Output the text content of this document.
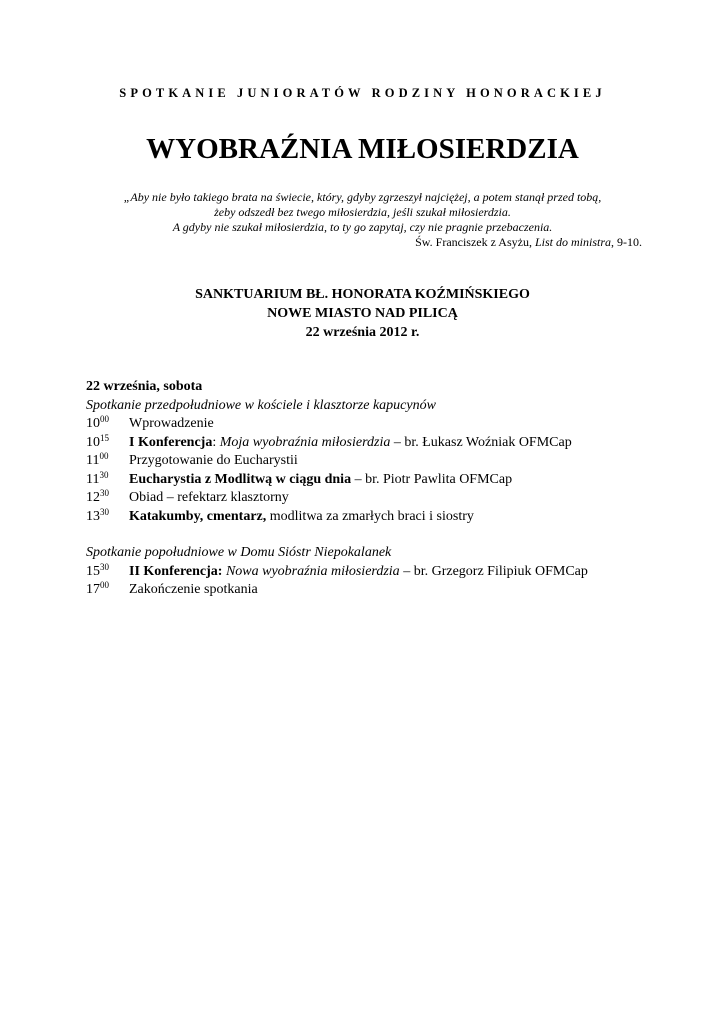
SPOTKANIE JUNIORATÓW RODZINY HONORACKIEJ
WYOBRAŹNIA MIŁOSIERDZIA
„Aby nie było takiego brata na świecie, który, gdyby zgrzeszył najciężej, a potem stanął przed tobą,
żeby odszedł bez twego miłosierdzia, jeśli szukał miłosierdzia.
A gdyby nie szukał miłosierdzia, to ty go zapytaj, czy nie pragnie przebaczenia.
Św. Franciszek z Asyżu, List do ministra, 9-10.
SANKTUARIUM BŁ. HONORATA KOŹMIŃSKIEGO
NOWE MIASTO NAD PILICĄ
22 września 2012 r.
22 września, sobota
Spotkanie przedpołudniowe w kościele i klasztorze kapucynów
$10^{00}$	Wprowadzenie
$10^{15}$	I Konferencja: Moja wyobraźnia miłosierdzia – br. Łukasz Woźniak OFMCap
$11^{00}$	Przygotowanie do Eucharystii
$11^{30}$	Eucharystia z Modlitwą w ciągu dnia – br. Piotr Pawlita OFMCap
$12^{30}$	Obiad – refektarz klasztorny
$13^{30}$	Katakumby, cmentarz, modlitwa za zmarłych braci i siostry
Spotkanie popołudniowe w Domu Sióstr Niepokalanek
$15^{30}$	II Konferencja: Nowa wyobraźnia miłosierdzia – br. Grzegorz Filipiuk OFMCap
$17^{00}$	Zakończenie spotkania
